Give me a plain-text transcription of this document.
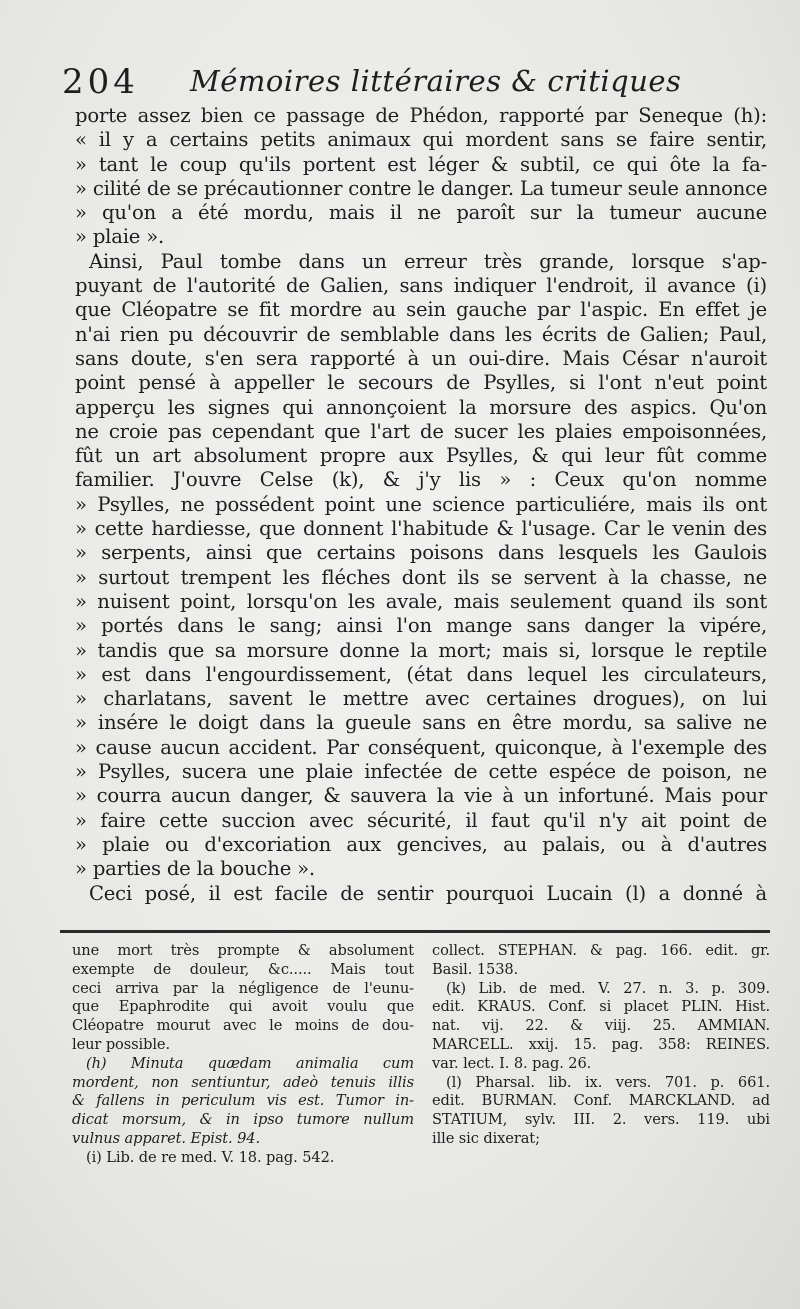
204 Mémoires littéraires & critiques
porte assez bien ce passage de Phédon, rapporté par Seneque (h):
« il y a certains petits animaux qui mordent sans se faire sentir,
» tant le coup qu'ils portent est léger & subtil, ce qui ôte la fa-
» cilité de se précautionner contre le danger. La tumeur seule annonce
» qu'on a été mordu, mais il ne paroît sur la tumeur aucune
» plaie ».
Ainsi, Paul tombe dans un erreur très grande, lorsque s'ap-
puyant de l'autorité de Galien, sans indiquer l'endroit, il avance (i)
que Cléopatre se fit mordre au sein gauche par l'aspic. En effet je
n'ai rien pu découvrir de semblable dans les écrits de Galien; Paul,
sans doute, s'en sera rapporté à un oui-dire. Mais César n'auroit
point pensé à appeller le secours de Psylles, si l'ont n'eut point
apperçu les signes qui annonçoient la morsure des aspics. Qu'on
ne croie pas cependant que l'art de sucer les plaies empoisonnées,
fût un art absolument propre aux Psylles, & qui leur fût comme
familier. J'ouvre Celse (k), & j'y lis » : Ceux qu'on nomme
» Psylles, ne possédent point une science particuliére, mais ils ont
» cette hardiesse, que donnent l'habitude & l'usage. Car le venin des
» serpents, ainsi que certains poisons dans lesquels les Gaulois
» surtout trempent les fléches dont ils se servent à la chasse, ne
» nuisent point, lorsqu'on les avale, mais seulement quand ils sont
» portés dans le sang; ainsi l'on mange sans danger la vipére,
» tandis que sa morsure donne la mort; mais si, lorsque le reptile
» est dans l'engourdissement, (état dans lequel les circulateurs,
» charlatans, savent le mettre avec certaines drogues), on lui
» insére le doigt dans la gueule sans en être mordu, sa salive ne
» cause aucun accident. Par conséquent, quiconque, à l'exemple des
» Psylles, sucera une plaie infectée de cette espéce de poison, ne
» courra aucun danger, & sauvera la vie à un infortuné. Mais pour
» faire cette succion avec sécurité, il faut qu'il n'y ait point de
» plaie ou d'excoriation aux gencives, au palais, ou à d'autres
» parties de la bouche ».
Ceci posé, il est facile de sentir pourquoi Lucain (l) a donné à
une mort très prompte & absolument
exempte de douleur, &c..... Mais tout
ceci arriva par la négligence de l'eunu-
que Epaphrodite qui avoit voulu que
Cléopatre mourut avec le moins de dou-
leur possible.
(h) Minuta quædam animalia cum
mordent, non sentiuntur, adeò tenuis illis
& fallens in periculum vis est. Tumor in-
dicat morsum, & in ipso tumore nullum
vulnus apparet. Epist. 94.
(i) Lib. de re med. V. 18. pag. 542.
collect. STEPHAN. & pag. 166. edit. gr.
Basil. 1538.
(k) Lib. de med. V. 27. n. 3. p. 309.
edit. KRAUS. Conf. si placet PLIN. Hist.
nat. vij. 22. & viij. 25. AMMIAN.
MARCELL. xxij. 15. pag. 358: REINES.
var. lect. I. 8. pag. 26.
(l) Pharsal. lib. ix. vers. 701. p. 661.
edit. BURMAN. Conf. MARCKLAND. ad
STATIUM, sylv. III. 2. vers. 119. ubi
ille sic dixerat;
